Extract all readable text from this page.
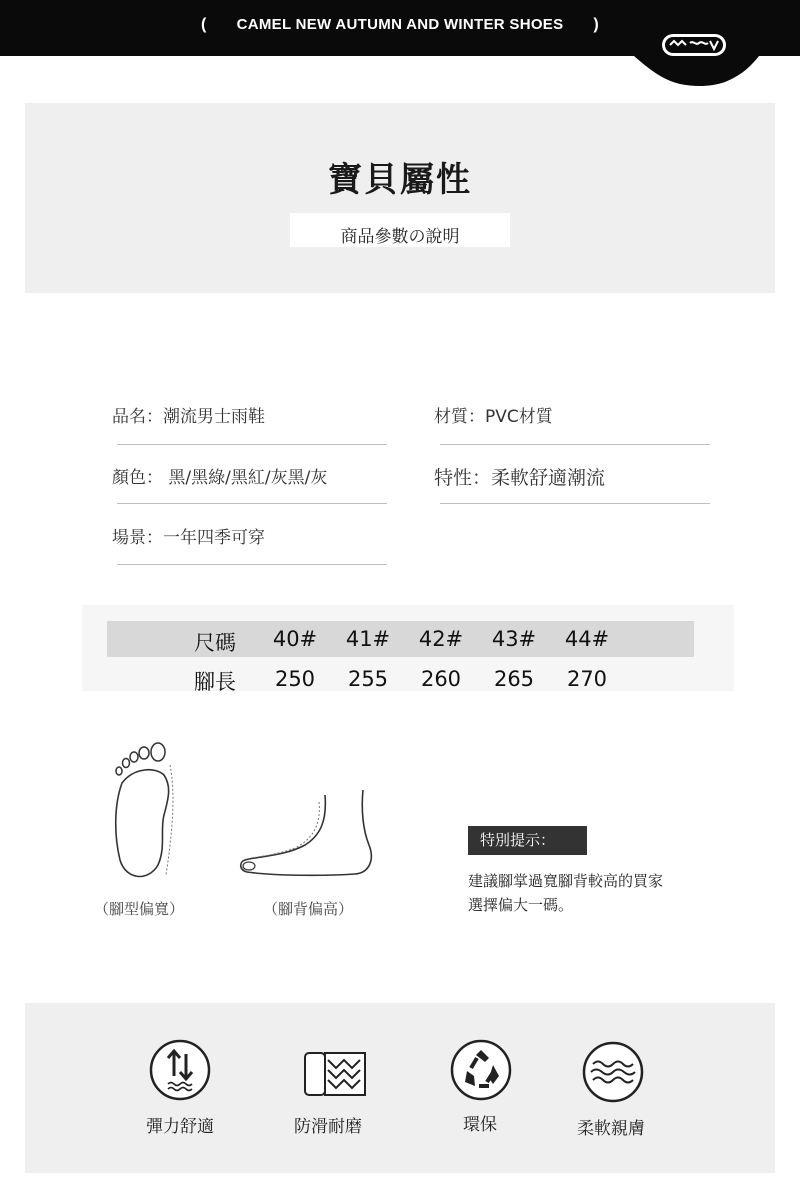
( CAMEL NEW AUTUMN AND WINTER SHOES )
寶貝屬性
商品參數の說明
品名：潮流男士雨鞋	材質：PVC材質
顏色： 黑/黑綠/黑紅/灰黑/灰	特性：柔軟舒適潮流
場景：一年四季可穿
尺碼	40#	41#	42#	43#	44#
腳長	250	255	260	265	270
（腳型偏寬）	（腳背偏高）
特別提示：
建議腳掌過寬腳背較高的買家
選擇偏大一碼。
彈力舒適	防滑耐磨	環保	柔軟親膚
